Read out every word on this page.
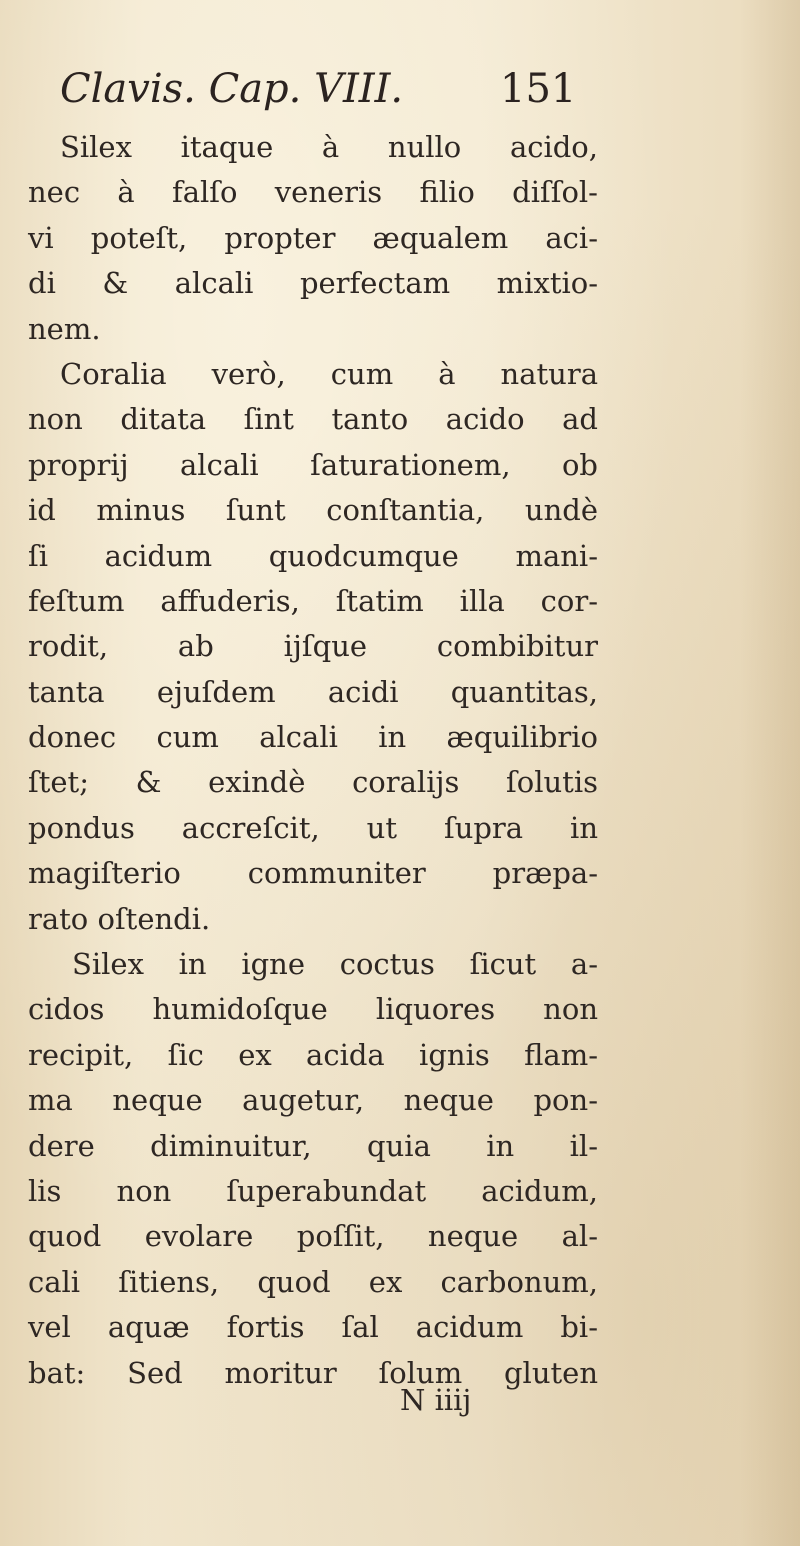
Clavis. Cap. VIII. 151
Silex itaque à nullo acido,
nec à falſo veneris filio diſſol-
vi poteſt, propter æqualem aci-
di & alcali perfectam mixtio-
nem.
Coralia verò, cum à natura
non ditata ſint tanto acido ad
proprij alcali ſaturationem, ob
id minus ſunt conſtantia, undè
ſi acidum quodcumque mani-
feſtum affuderis, ſtatim illa cor-
rodit, ab ijſque combibitur
tanta ejuſdem acidi quantitas,
donec cum alcali in æquilibrio
ſtet; & exindè coralijs ſolutis
pondus accreſcit, ut ſupra in
magiſterio communiter præpa-
rato oſtendi.
Silex in igne coctus ſicut a-
cidos humidoſque liquores non
recipit, ſic ex acida ignis flam-
ma neque augetur, neque pon-
dere diminuitur, quia in il-
lis non ſuperabundat acidum,
quod evolare poſſit, neque al-
cali ſitiens, quod ex carbonum,
vel aquæ fortis ſal acidum bi-
bat: Sed moritur ſolum gluten
N iiij
